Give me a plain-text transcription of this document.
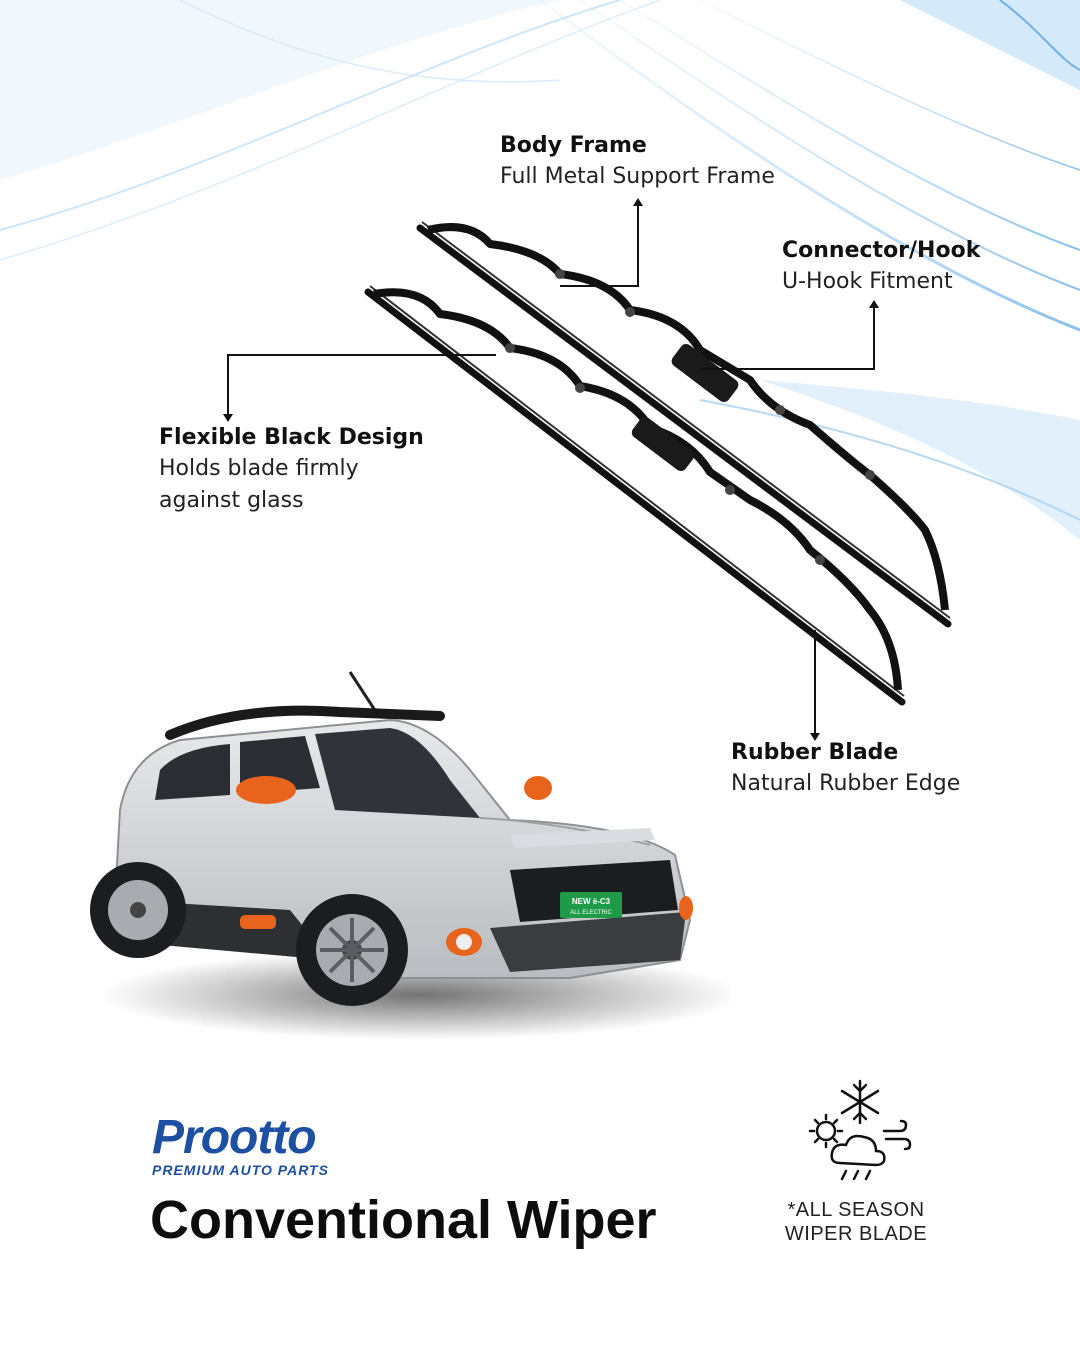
Body Frame
Full Metal Support Frame
Connector/Hook
U-Hook Fitment
Flexible Black Design
Holds blade firmly
against glass
Rubber Blade
Natural Rubber Edge
NEW ë-C3
ALL ELECTRIC
Prootto
PREMIUM AUTO PARTS
Conventional Wiper	*ALL SEASON
WIPER BLADE
